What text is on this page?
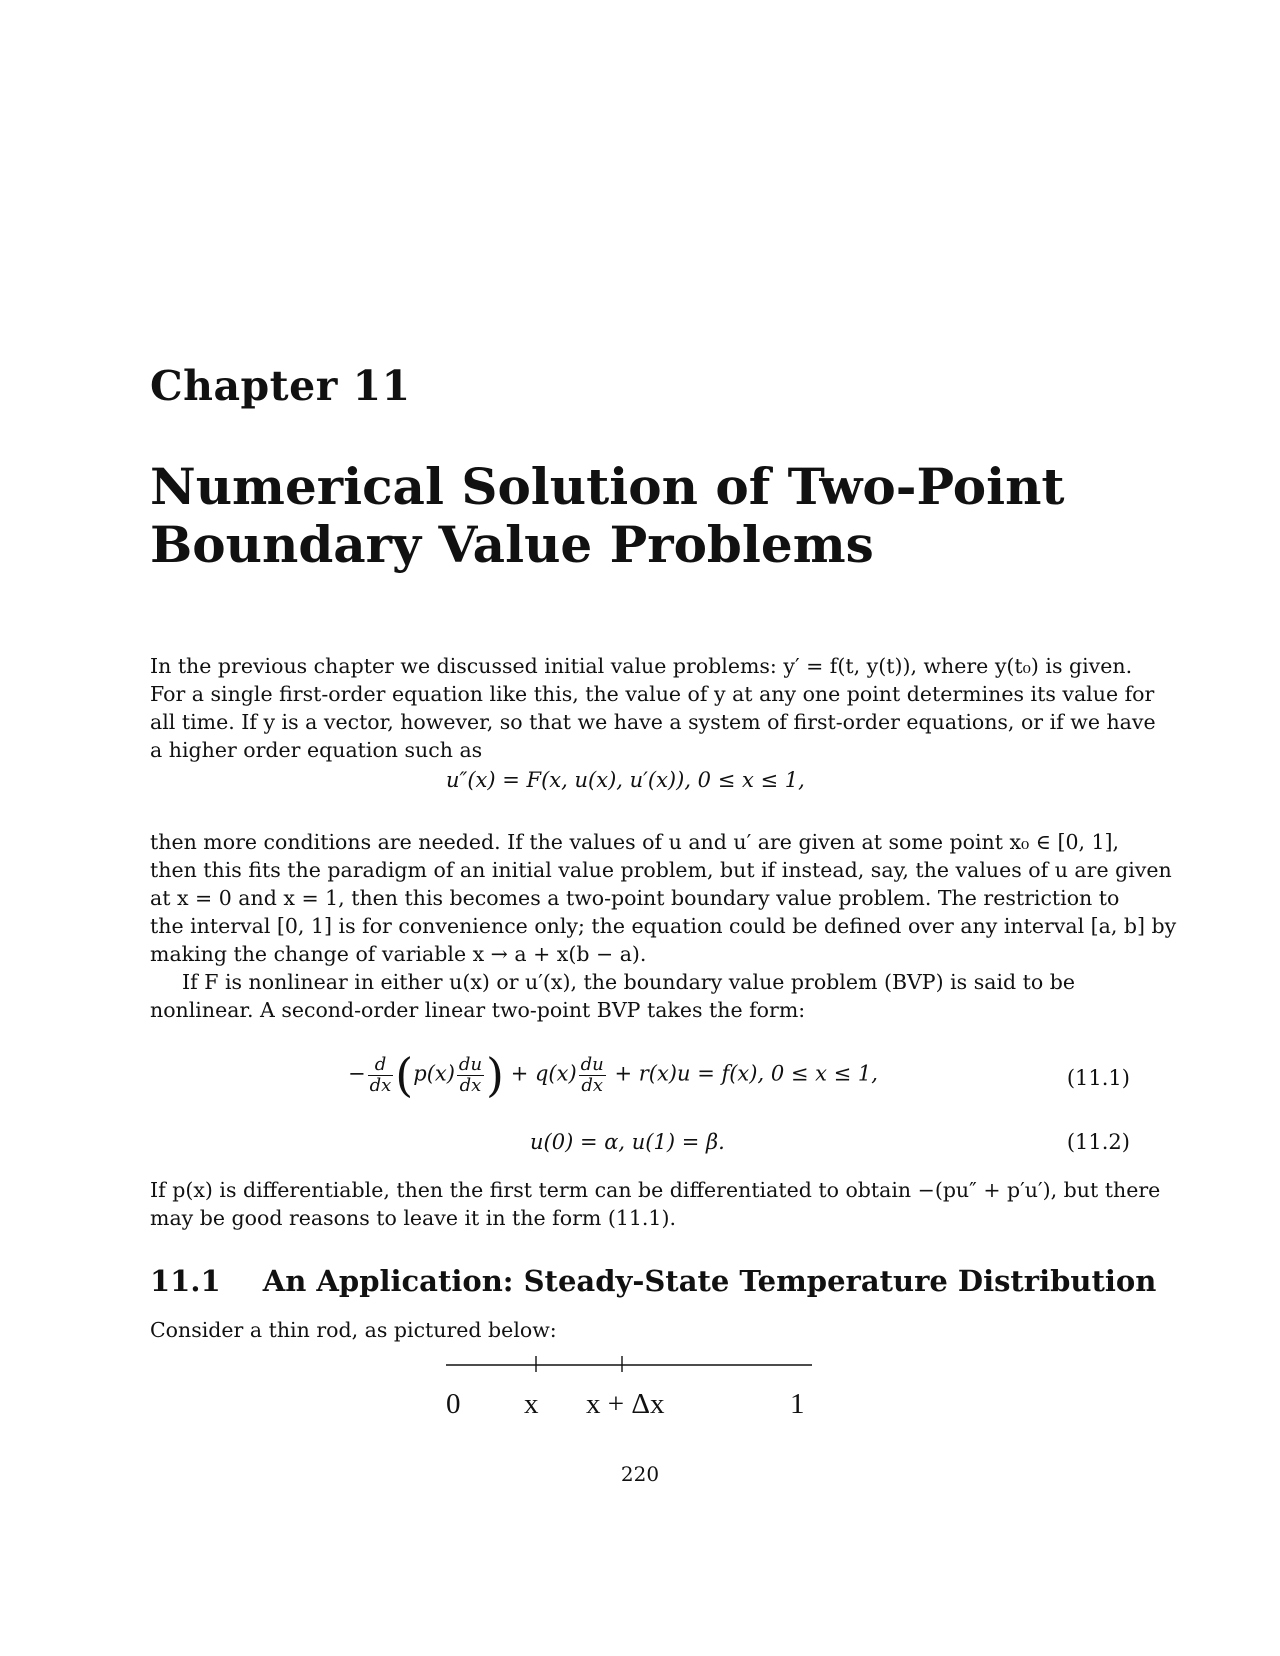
Chapter 11
Numerical Solution of Two-Point
Boundary Value Problems

In the previous chapter we discussed initial value problems: y′ = f(t, y(t)), where y(t₀) is given.
For a single first-order equation like this, the value of y at any one point determines its value for
all time. If y is a vector, however, so that we have a system of first-order equations, or if we have
a higher order equation such as

u″(x) = F(x, u(x), u′(x)), 0 ≤ x ≤ 1,

then more conditions are needed. If the values of u and u′ are given at some point x₀ ∈ [0, 1],
then this fits the paradigm of an initial value problem, but if instead, say, the values of u are given
at x = 0 and x = 1, then this becomes a two-point boundary value problem. The restriction to
the interval [0, 1] is for convenience only; the equation could be defined over any interval [a, b] by
making the change of variable x → a + x(b − a).

If F is nonlinear in either u(x) or u′(x), the boundary value problem (BVP) is said to be
nonlinear. A second-order linear two-point BVP takes the form:

− $\frac{d}{dx} (p(x) \frac{du}{dx}$ ) + $q(x) \frac{du}{dx} + r(x)u = f(x)$, 0 ≤ x ≤ 1,	(11.1)
u(0) = α, u(1) = β.	(11.2)

If p(x) is differentiable, then the first term can be differentiated to obtain −(pu″ + p′u′), but there
may be good reasons to leave it in the form (11.1).

11.1 An Application: Steady-State Temperature Distribution

Consider a thin rod, as pictured below:

0 x x + Δx	1
220
